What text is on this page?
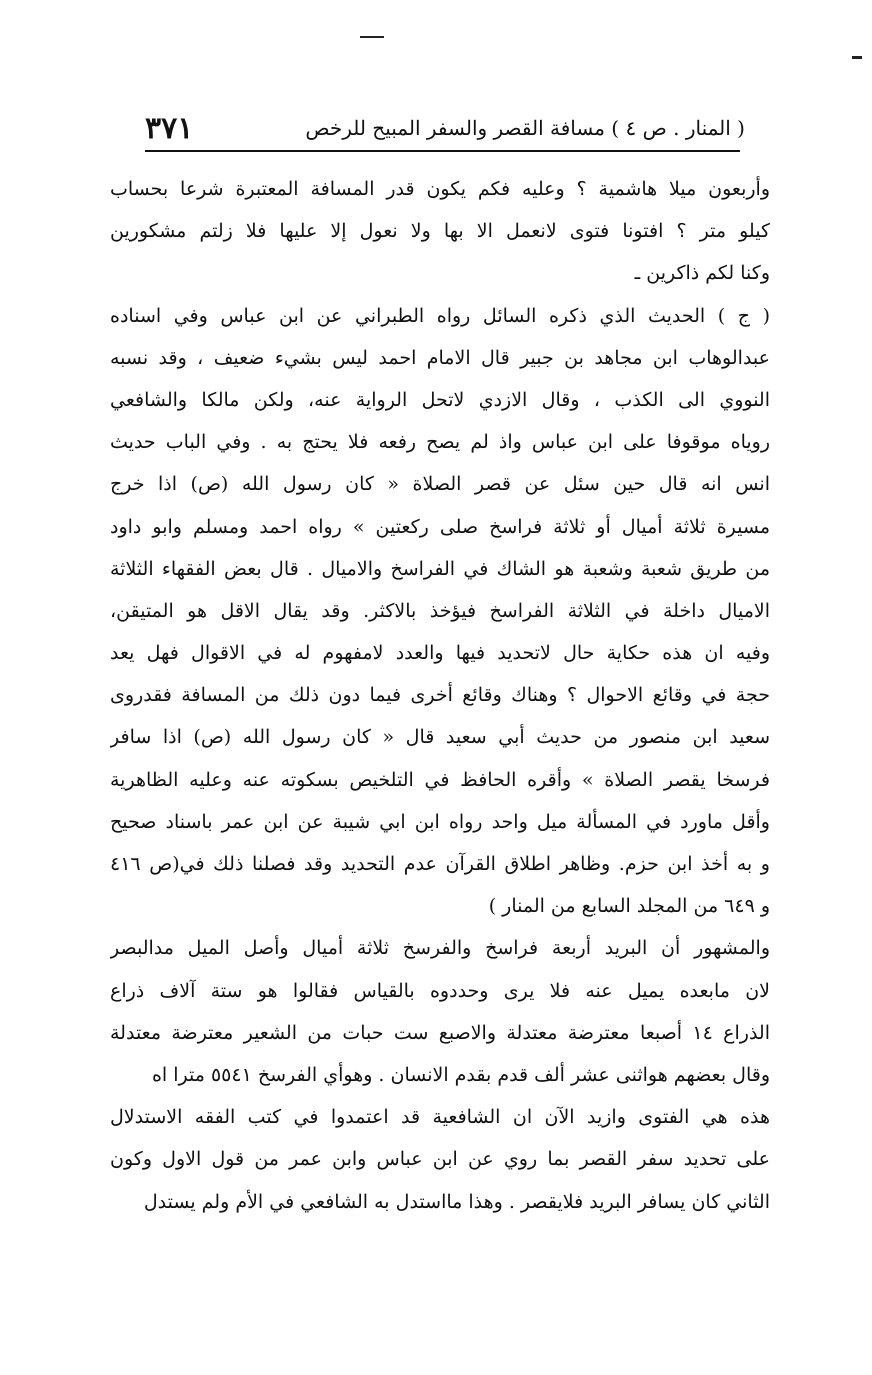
( المنار . ص ٤ ) مسافة القصر والسفر المبيح للرخص
٣٧١
وأربعون ميلا هاشمية ؟ وعليه فكم يكون قدر المسافة المعتبرة شرعا بحساب
كيلو متر ؟ افتونا فتوى لانعمل الا بها ولا نعول إلا عليها فلا زلتم مشكورين
وكنا لكم ذاكرين ـ
( ج ) الحديث الذي ذكره السائل رواه الطبراني عن ابن عباس وفي اسناده
عبدالوهاب ابن مجاهد بن جبير قال الامام احمد ليس بشيء ضعيف ، وقد نسبه
النووي الى الكذب ، وقال الازدي لاتحل الرواية عنه، ولكن مالكا والشافعي
روياه موقوفا على ابن عباس واذ لم يصح رفعه فلا يحتج به . وفي الباب حديث
انس انه قال حين سئل عن قصر الصلاة « كان رسول الله (ص) اذا خرج
مسيرة ثلاثة أميال أو ثلاثة فراسخ صلى ركعتين » رواه احمد ومسلم وابو داود
من طريق شعبة وشعبة هو الشاك في الفراسخ والاميال . قال بعض الفقهاء الثلاثة
الاميال داخلة في الثلاثة الفراسخ فيؤخذ بالاكثر. وقد يقال الاقل هو المتيقن،
وفيه ان هذه حكاية حال لاتحديد فيها والعدد لامفهوم له في الاقوال فهل يعد
حجة في وقائع الاحوال ؟ وهناك وقائع أخرى فيما دون ذلك من المسافة فقدروى
سعيد ابن منصور من حديث أبي سعيد قال « كان رسول الله (ص) اذا سافر
فرسخا يقصر الصلاة » وأقره الحافظ في التلخيص بسكوته عنه وعليه الظاهرية
وأقل ماورد في المسألة ميل واحد رواه ابن ابي شيبة عن ابن عمر باسناد صحيح
و به أخذ ابن حزم. وظاهر اطلاق القرآن عدم التحديد وقد فصلنا ذلك في(ص ٤١٦
و ٦٤٩ من المجلد السابع من المنار )
والمشهور أن البريد أربعة فراسخ والفرسخ ثلاثة أميال وأصل الميل مدالبصر
لان مابعده يميل عنه فلا يرى وحددوه بالقياس فقالوا هو ستة آلاف ذراع
الذراع ١٤ أصبعا معترضة معتدلة والاصبع ست حبات من الشعير معترضة معتدلة
وقال بعضهم هواثنى عشر ألف قدم بقدم الانسان . وهوأي الفرسخ ٥٥٤١ مترا اه
هذه هي الفتوى وازيد الآن ان الشافعية قد اعتمدوا في كتب الفقه الاستدلال
على تحديد سفر القصر بما روي عن ابن عباس وابن عمر من قول الاول وكون
الثاني كان يسافر البريد فلايقصر . وهذا مااستدل به الشافعي في الأم ولم يستدل
